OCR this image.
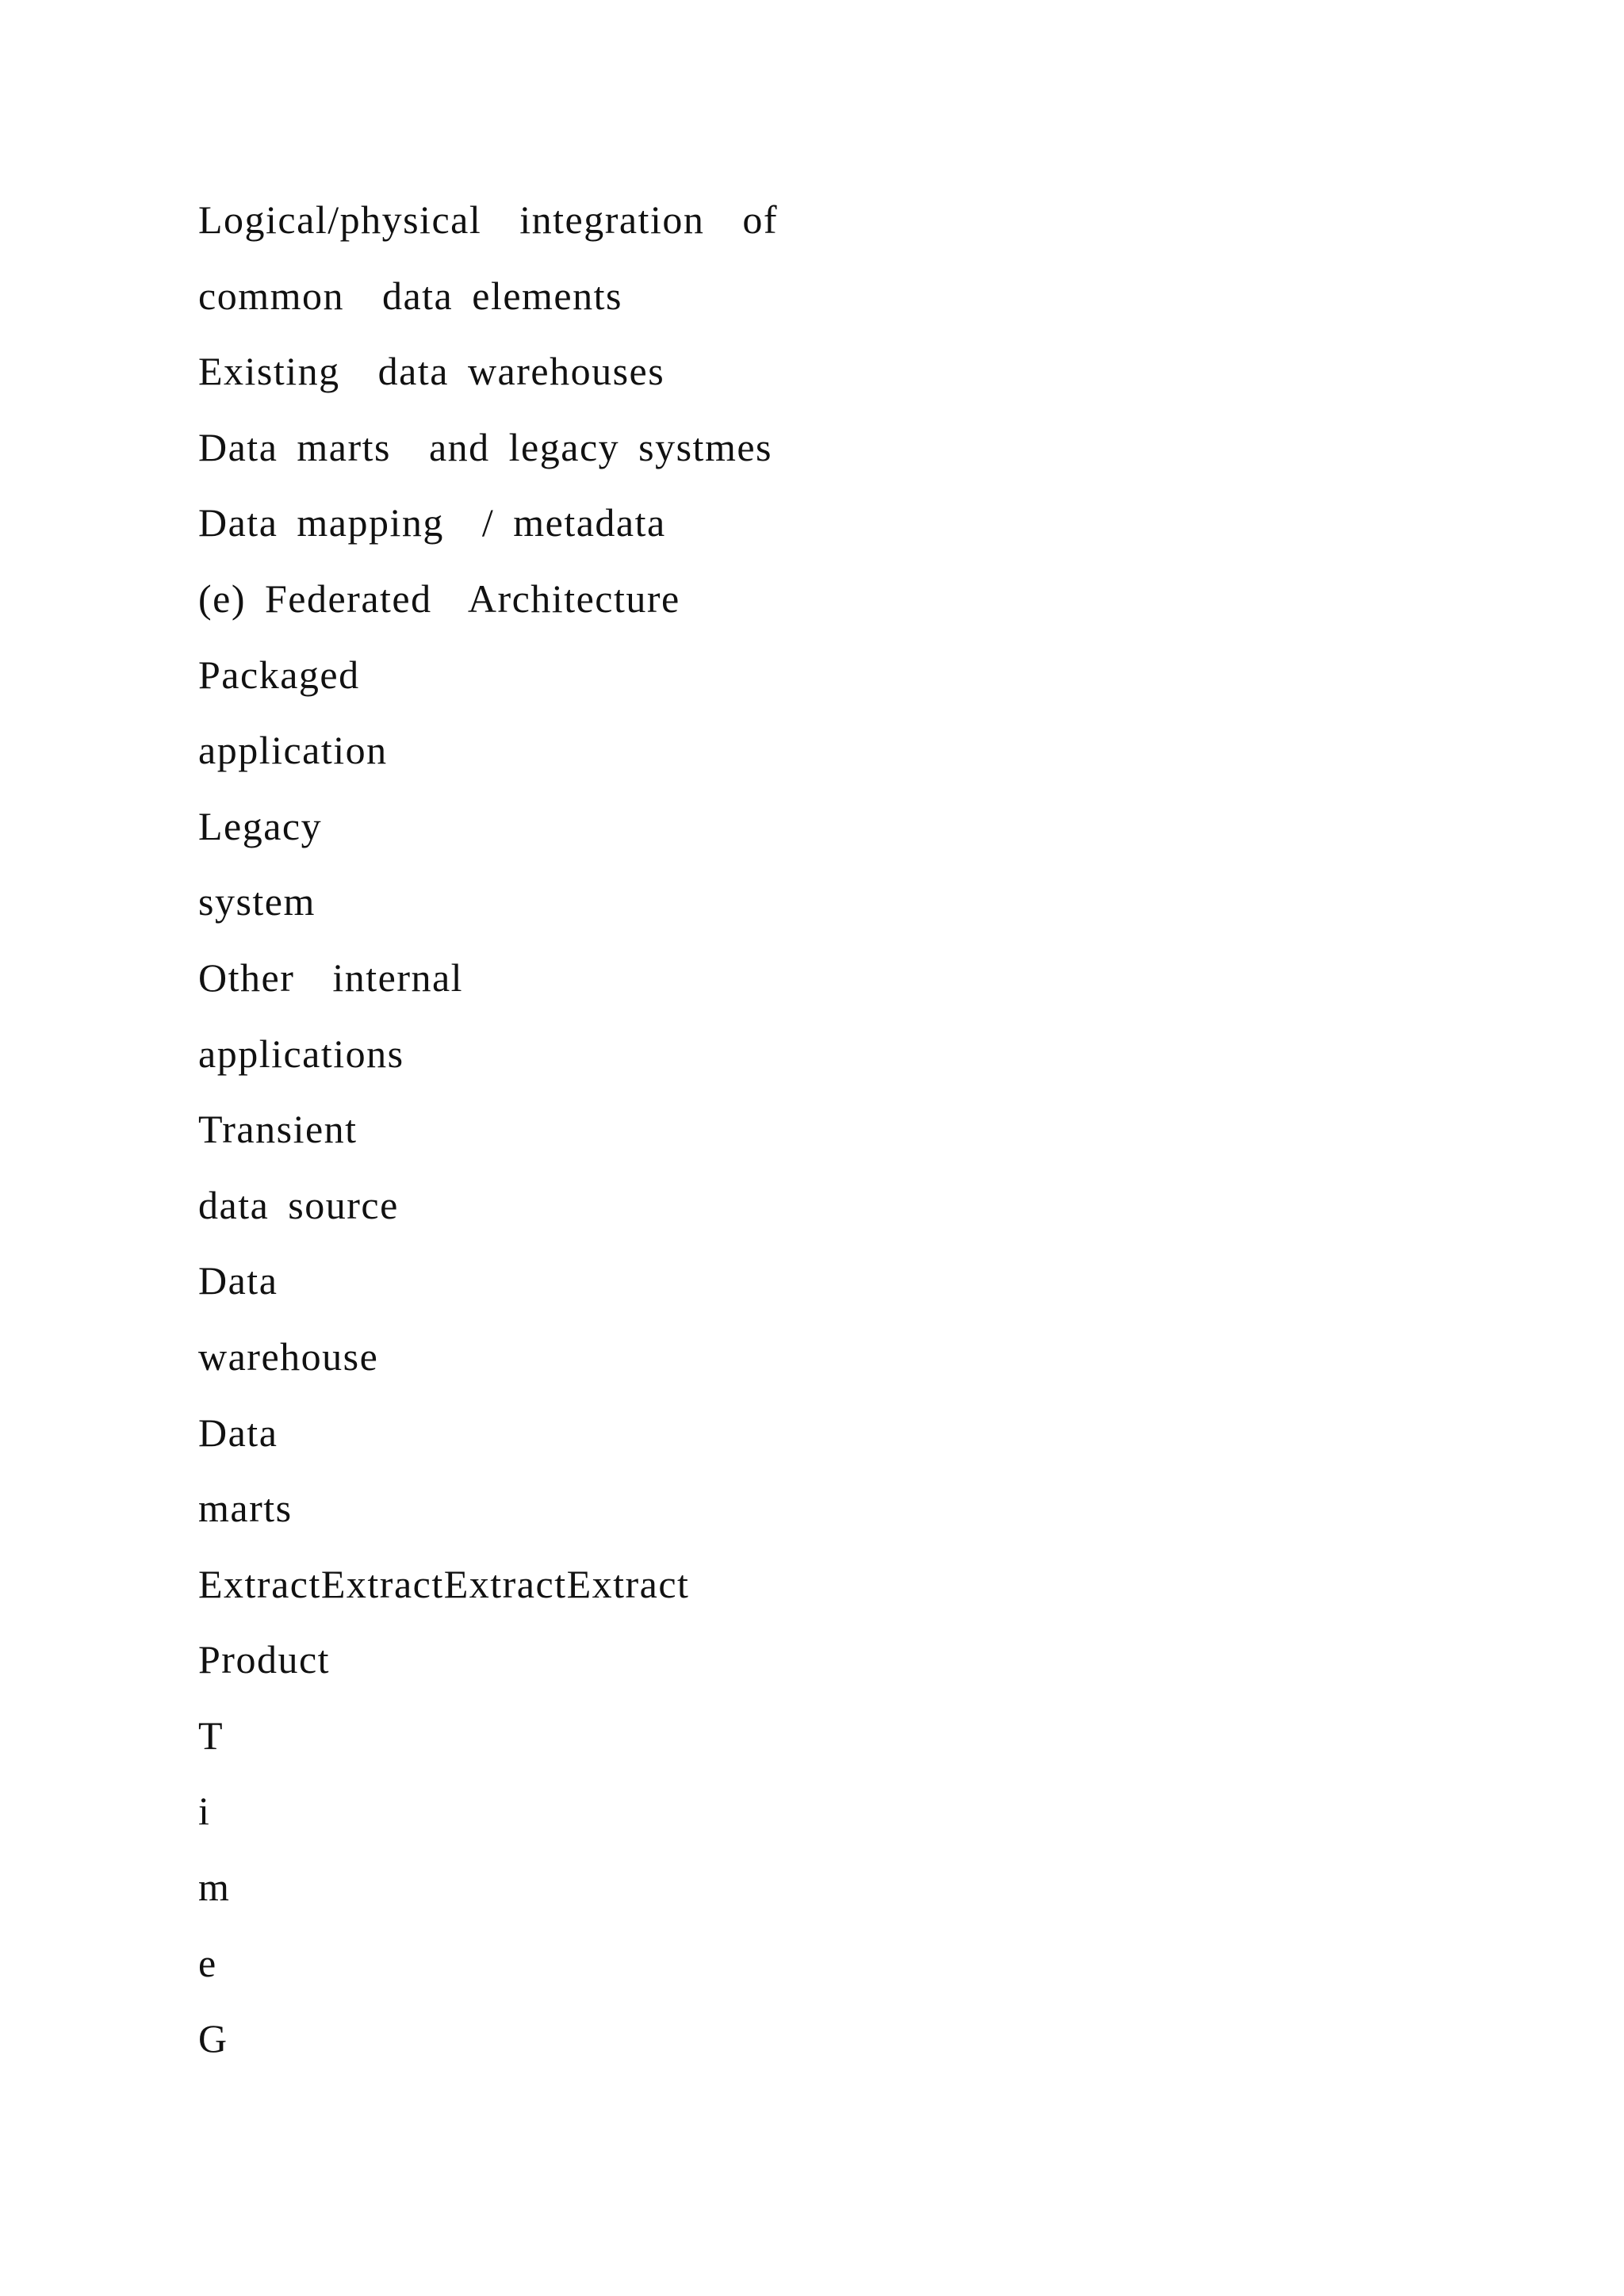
Logical/physical  integration  of
common  data elements
Existing  data warehouses
Data marts  and legacy systmes
Data mapping  / metadata
(e) Federated  Architecture
Packaged
application
Legacy
system
Other  internal
applications
Transient
data source
Data
warehouse
Data
marts
ExtractExtractExtractExtract
Product
T
i
m
e
G
